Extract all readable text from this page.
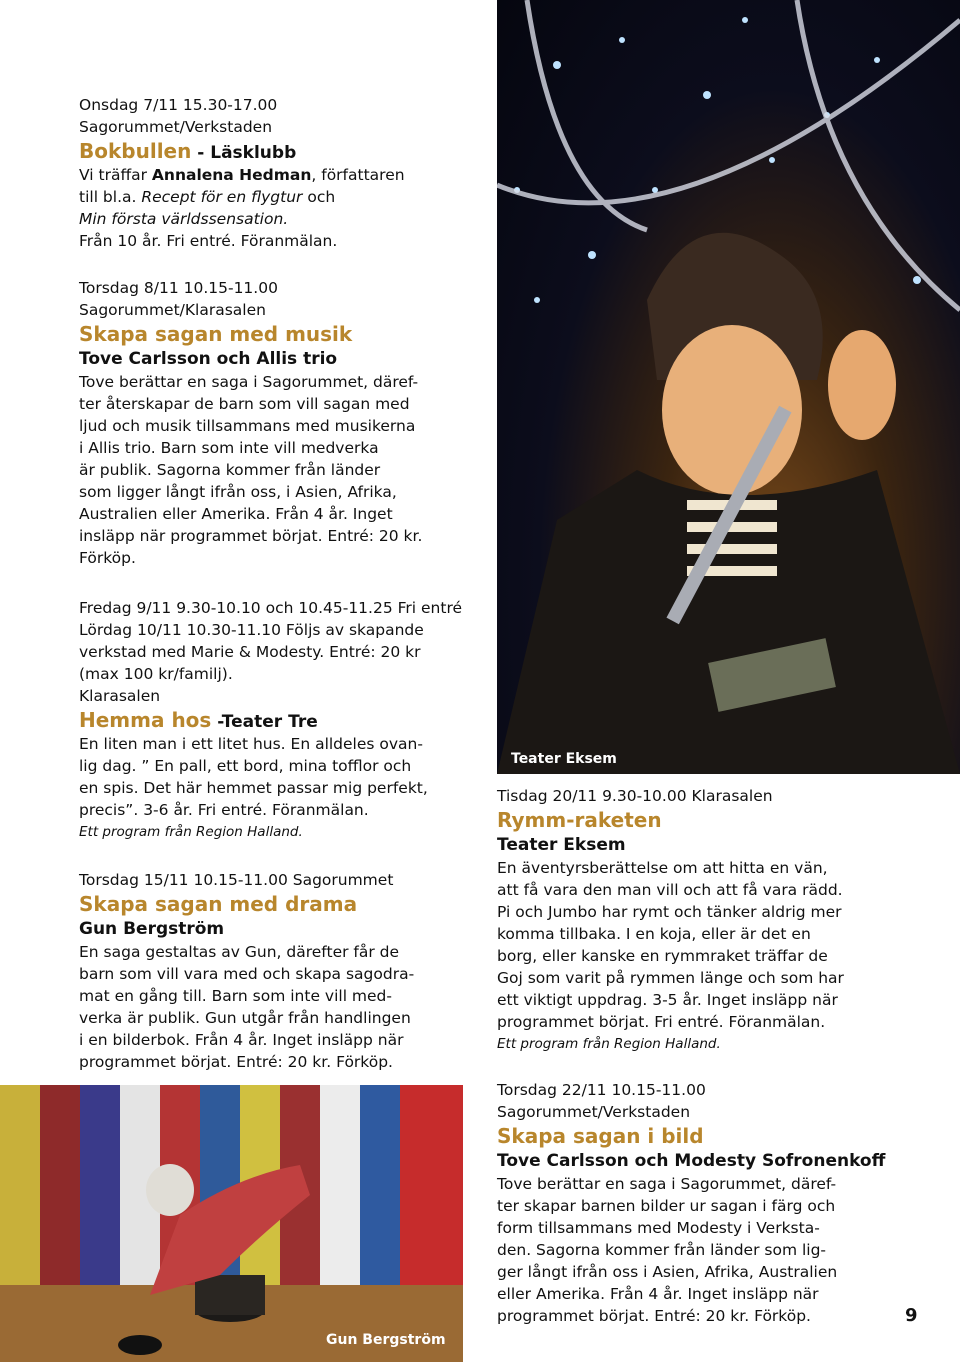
Onsdag 7/11 15.30-17.00

Sagorummet/Verkstaden

Bokbullen - Läsklubb

Vi träffar Annalena Hedman, författaren

till bl.a. Recept för en flygtur och

Min första världssensation.

Från 10 år. Fri entré. Föranmälan.

Torsdag 8/11 10.15-11.00

Sagorummet/Klarasalen

Skapa sagan med musik

Tove Carlsson och Allis trio

Tove berättar en saga i Sagorummet, däref-

ter återskapar de barn som vill sagan med

ljud och musik tillsammans med musikerna

i Allis trio. Barn som inte vill medverka

är publik. Sagorna kommer från länder

som ligger långt ifrån oss, i Asien, Afrika,

Australien eller Amerika. Från 4 år. Inget

insläpp när programmet börjat. Entré: 20 kr.

Förköp.

Fredag 9/11 9.30-10.10 och 10.45-11.25 Fri entré

Lördag 10/11 10.30-11.10 Följs av skapande

verkstad med Marie & Modesty. Entré: 20 kr

(max 100 kr/familj).

Klarasalen

Hemma hos -Teater Tre

En liten man i ett litet hus. En alldeles ovan-

lig dag. ” En pall, ett bord, mina tofflor och

en spis. Det här hemmet passar mig perfekt,

precis”. 3-6 år. Fri entré. Föranmälan.

Ett program från Region Halland.

Torsdag 15/11 10.15-11.00 Sagorummet

Skapa sagan med drama

Gun Bergström

En saga gestaltas av Gun, därefter får de

barn som vill vara med och skapa sagodra-

mat en gång till. Barn som inte vill med-

verka är publik. Gun utgår från handlingen

i en bilderbok. Från 4 år. Inget insläpp när

programmet börjat. Entré: 20 kr. Förköp.

Teater Eksem

Tisdag 20/11 9.30-10.00 Klarasalen

Rymm-raketen

Teater Eksem

En äventyrsberättelse om att hitta en vän,

att få vara den man vill och att få vara rädd.

Pi och Jumbo har rymt och tänker aldrig mer

komma tillbaka. I en koja, eller är det en

borg, eller kanske en rymmraket träffar de

Goj som varit på rymmen länge och som har

ett viktigt uppdrag. 3-5 år. Inget insläpp när

programmet börjat. Fri entré. Föranmälan.

Ett program från Region Halland.

Torsdag 22/11 10.15-11.00

Sagorummet/Verkstaden

Skapa sagan i bild

Tove Carlsson och Modesty Sofronenkoff

Tove berättar en saga i Sagorummet, däref-

ter skapar barnen bilder ur sagan i färg och

form tillsammans med Modesty i Verksta-

den. Sagorna kommer från länder som lig-

ger långt ifrån oss i Asien, Afrika, Australien

eller Amerika. Från 4 år. Inget insläpp när

programmet börjat. Entré: 20 kr. Förköp.

Gun Bergström
9
